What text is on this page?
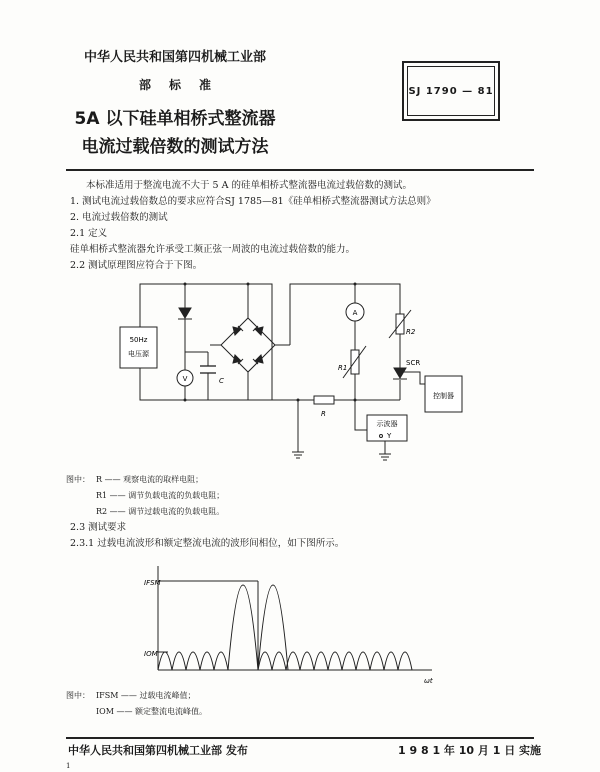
中华人民共和国第四机械工业部
部标准
5A 以下硅单相桥式整流器
电流过载倍数的测试方法
SJ 1790 — 81
本标准适用于整流电流不大于 5 A 的硅单相桥式整流器电流过载倍数的测试。
1. 测试电流过载倍数总的要求应符合SJ 1785—81《硅单相桥式整流器测试方法总则》
2. 电流过载倍数的测试
2.1 定义
硅单相桥式整流器允许承受工频正弦一周波的电流过载倍数的能力。
2.2 测试原理图应符合于下图。
50Hz
电压源
V	C
A
R1
R2
SCR
R
控制器
示波器
Y
图中： R —— 观察电流的取样电阻；
R1 —— 调节负载电流的负载电阻；
R2 —— 调节过载电流的负载电阻。
2.3 测试要求
2.3.1 过载电流波形和额定整流电流的波形间相位，如下图所示。
IFSM
IOM
ωt
图中： IFSM —— 过载电流峰值；
IOM —— 额定整流电流峰值。
中华人民共和国第四机械工业部 发布	1 9 8 1 年 10 月 1 日 实施
1
